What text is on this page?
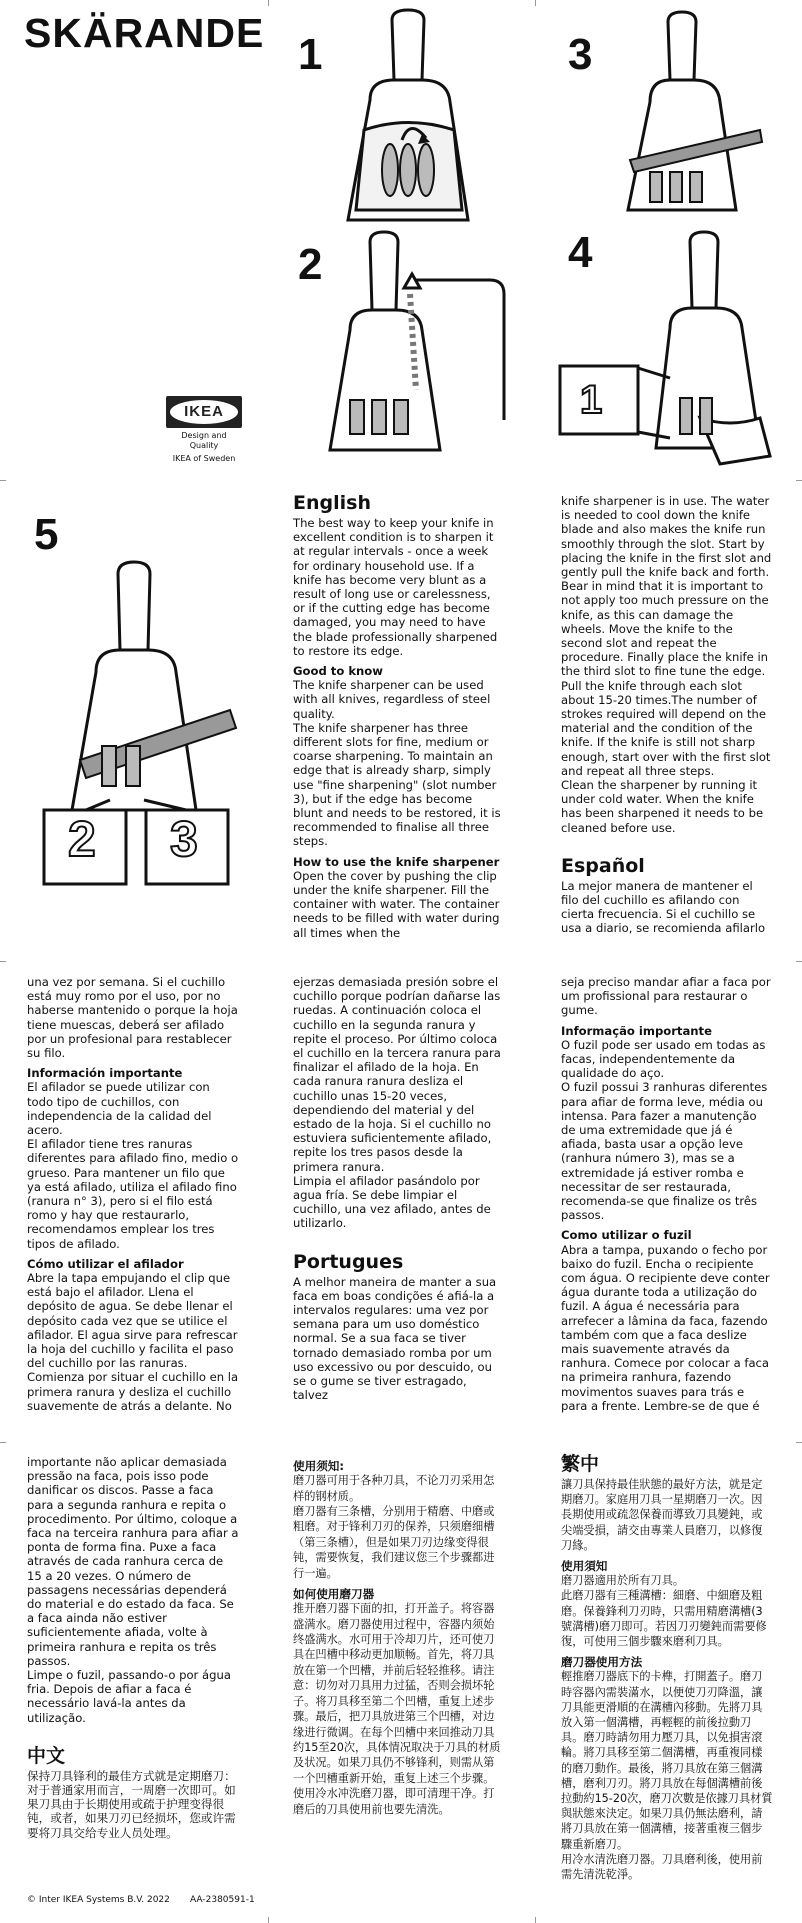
SKÄRANDE 1	3
2	4
5
1
IKEA
Design and Quality
IKEA of Sweden
2 3
English

The best way to keep your knife in excellent condition is to sharpen it at regular intervals - once a week for ordinary household use. If a knife has become very blunt as a result of long use or carelessness, or if the cutting edge has become damaged, you may need to have the blade professionally sharpened to restore its edge.

Good to know

The knife sharpener can be used with all knives, regardless of steel quality.

The knife sharpener has three different slots for fine, medium or coarse sharpening. To maintain an edge that is already sharp, simply use "fine sharpening" (slot number 3), but if the edge has become blunt and needs to be restored, it is recommended to finalise all three steps.

How to use the knife sharpener

Open the cover by pushing the clip under the knife sharpener. Fill the container with water. The container needs to be filled with water during all times when the

knife sharpener is in use. The water is needed to cool down the knife blade and also makes the knife run smoothly through the slot. Start by placing the knife in the first slot and gently pull the knife back and forth. Bear in mind that it is important to not apply too much pressure on the knife, as this can damage the wheels. Move the knife to the second slot and repeat the procedure. Finally place the knife in the third slot to fine tune the edge. Pull the knife through each slot about 15-20 times.The number of strokes required will depend on the material and the condition of the knife. If the knife is still not sharp enough, start over with the first slot and repeat all three steps.

Clean the sharpener by running it under cold water. When the knife has been sharpened it needs to be cleaned before use.

Español

La mejor manera de mantener el filo del cuchillo es afilando con cierta frecuencia. Si el cuchillo se usa a diario, se recomienda afilarlo

una vez por semana. Si el cuchillo está muy romo por el uso, por no haberse mantenido o porque la hoja tiene muescas, deberá ser afilado por un profesional para restablecer su filo.

Información importante

El afilador se puede utilizar con todo tipo de cuchillos, con independencia de la calidad del acero.

El afilador tiene tres ranuras diferentes para afilado fino, medio o grueso. Para mantener un filo que ya está afilado, utiliza el afilado fino (ranura n° 3), pero si el filo está romo y hay que restaurarlo, recomendamos emplear los tres tipos de afilado.

Cómo utilizar el afilador

Abre la tapa empujando el clip que está bajo el afilador. Llena el depósito de agua. Se debe llenar el depósito cada vez que se utilice el afilador. El agua sirve para refrescar la hoja del cuchillo y facilita el paso del cuchillo por las ranuras. Comienza por situar el cuchillo en la primera ranura y desliza el cuchillo suavemente de atrás a delante. No

ejerzas demasiada presión sobre el cuchillo porque podrían dañarse las ruedas. A continuación coloca el cuchillo en la segunda ranura y repite el proceso. Por último coloca el cuchillo en la tercera ranura para finalizar el afilado de la hoja. En cada ranura ranura desliza el cuchillo unas 15-20 veces, dependiendo del material y del estado de la hoja. Si el cuchillo no estuviera suficientemente afilado, repite los tres pasos desde la primera ranura.

Limpia el afilador pasándolo por agua fría. Se debe limpiar el cuchillo, una vez afilado, antes de utilizarlo.

Portugues

A melhor maneira de manter a sua faca em boas condições é afiá-la a intervalos regulares: uma vez por semana para um uso doméstico normal. Se a sua faca se tiver tornado demasiado romba por um uso excessivo ou por descuido, ou se o gume se tiver estragado, talvez

seja preciso mandar afiar a faca por um profissional para restaurar o gume.

Informação importante

O fuzil pode ser usado em todas as facas, independentemente da qualidade do aço.

O fuzil possui 3 ranhuras diferentes para afiar de forma leve, média ou intensa. Para fazer a manutenção de uma extremidade que já é afiada, basta usar a opção leve (ranhura número 3), mas se a extremidade já estiver romba e necessitar de ser restaurada, recomenda-se que finalize os três passos.

Como utilizar o fuzil

Abra a tampa, puxando o fecho por baixo do fuzil. Encha o recipiente com água. O recipiente deve conter água durante toda a utilização do fuzil. A água é necessária para arrefecer a lâmina da faca, fazendo também com que a faca deslize mais suavemente através da ranhura. Comece por colocar a faca na primeira ranhura, fazendo movimentos suaves para trás e para a frente. Lembre-se de que é

importante não aplicar demasiada pressão na faca, pois isso pode danificar os discos. Passe a faca para a segunda ranhura e repita o procedimento. Por último, coloque a faca na terceira ranhura para afiar a ponta de forma fina. Puxe a faca através de cada ranhura cerca de 15 a 20 vezes. O número de passagens necessárias dependerá do material e do estado da faca. Se a faca ainda não estiver suficientemente afiada, volte à primeira ranhura e repita os três passos.

Limpe o fuzil, passando-o por água fria. Depois de afiar a faca é necessário lavá-la antes da utilização.

中文

保持刀具锋利的最佳方式就是定期磨刀：对于普通家用而言，一周磨一次即可。如果刀具由于长期使用或疏于护理变得很钝，或者，如果刀刃已经损坏，您或许需要将刀具交给专业人员处理。

使用须知:

磨刀器可用于各种刀具，不论刀刃采用怎样的钢材质。

磨刀器有三条槽，分别用于精磨、中磨或粗磨。对于锋利刀刃的保养，只须磨细槽（第三条槽），但是如果刀刃边缘变得很钝，需要恢复，我们建议您三个步骤都进行一遍。

如何使用磨刀器

推开磨刀器下面的扣，打开盖子。将容器盛满水。磨刀器使用过程中，容器内须始终盛满水。水可用于冷却刀片，还可使刀具在凹槽中移动更加顺畅。首先，将刀具放在第一个凹槽，并前后轻轻推移。请注意：切勿对刀具用力过猛，否则会损坏轮子。将刀具移至第二个凹槽，重复上述步骤。最后，把刀具放进第三个凹槽，对边缘进行微调。在每个凹槽中来回推动刀具约15至20次，具体情况取决于刀具的材质及状况。如果刀具仍不够锋利，则需从第一个凹槽重新开始，重复上述三个步骤。

使用冷水冲洗磨刀器，即可清理干净。打磨后的刀具使用前也要先清洗。

繁中

讓刀具保持最佳狀態的最好方法，就是定期磨刀。家庭用刀具一星期磨刀一次。因長期使用或疏忽保養而導致刀具變鈍，或尖端受損，請交由專業人員磨刀，以修復刀緣。

使用須知

磨刀器適用於所有刀具。

此磨刀器有三種溝槽：細磨、中細磨及粗磨。保養鋒利刀刃時，只需用精磨溝槽(3號溝槽)磨刀即可。若因刀刃變鈍而需要修復，可使用三個步驟來磨利刀具。

磨刀器使用方法

輕推磨刀器底下的卡榫，打開蓋子。磨刀時容器內需裝滿水，以便使刀刃降溫，讓刀具能更滑順的在溝槽內移動。先將刀具放入第一個溝槽，再輕輕的前後拉動刀具。磨刀時請勿用力壓刀具，以免損害滾輪。將刀具移至第二個溝槽，再重複同樣的磨刀動作。最後，將刀具放在第三個溝槽，磨利刀刃。將刀具放在每個溝槽前後拉動約15-20次，磨刀次數是依據刀具材質與狀態來決定。如果刀具仍無法磨利，請將刀具放在第一個溝槽，接著重複三個步驟重新磨刀。

用冷水清洗磨刀器。刀具磨利後，使用前需先清洗乾淨。

© Inter IKEA Systems B.V. 2022 AA-2380591-1
